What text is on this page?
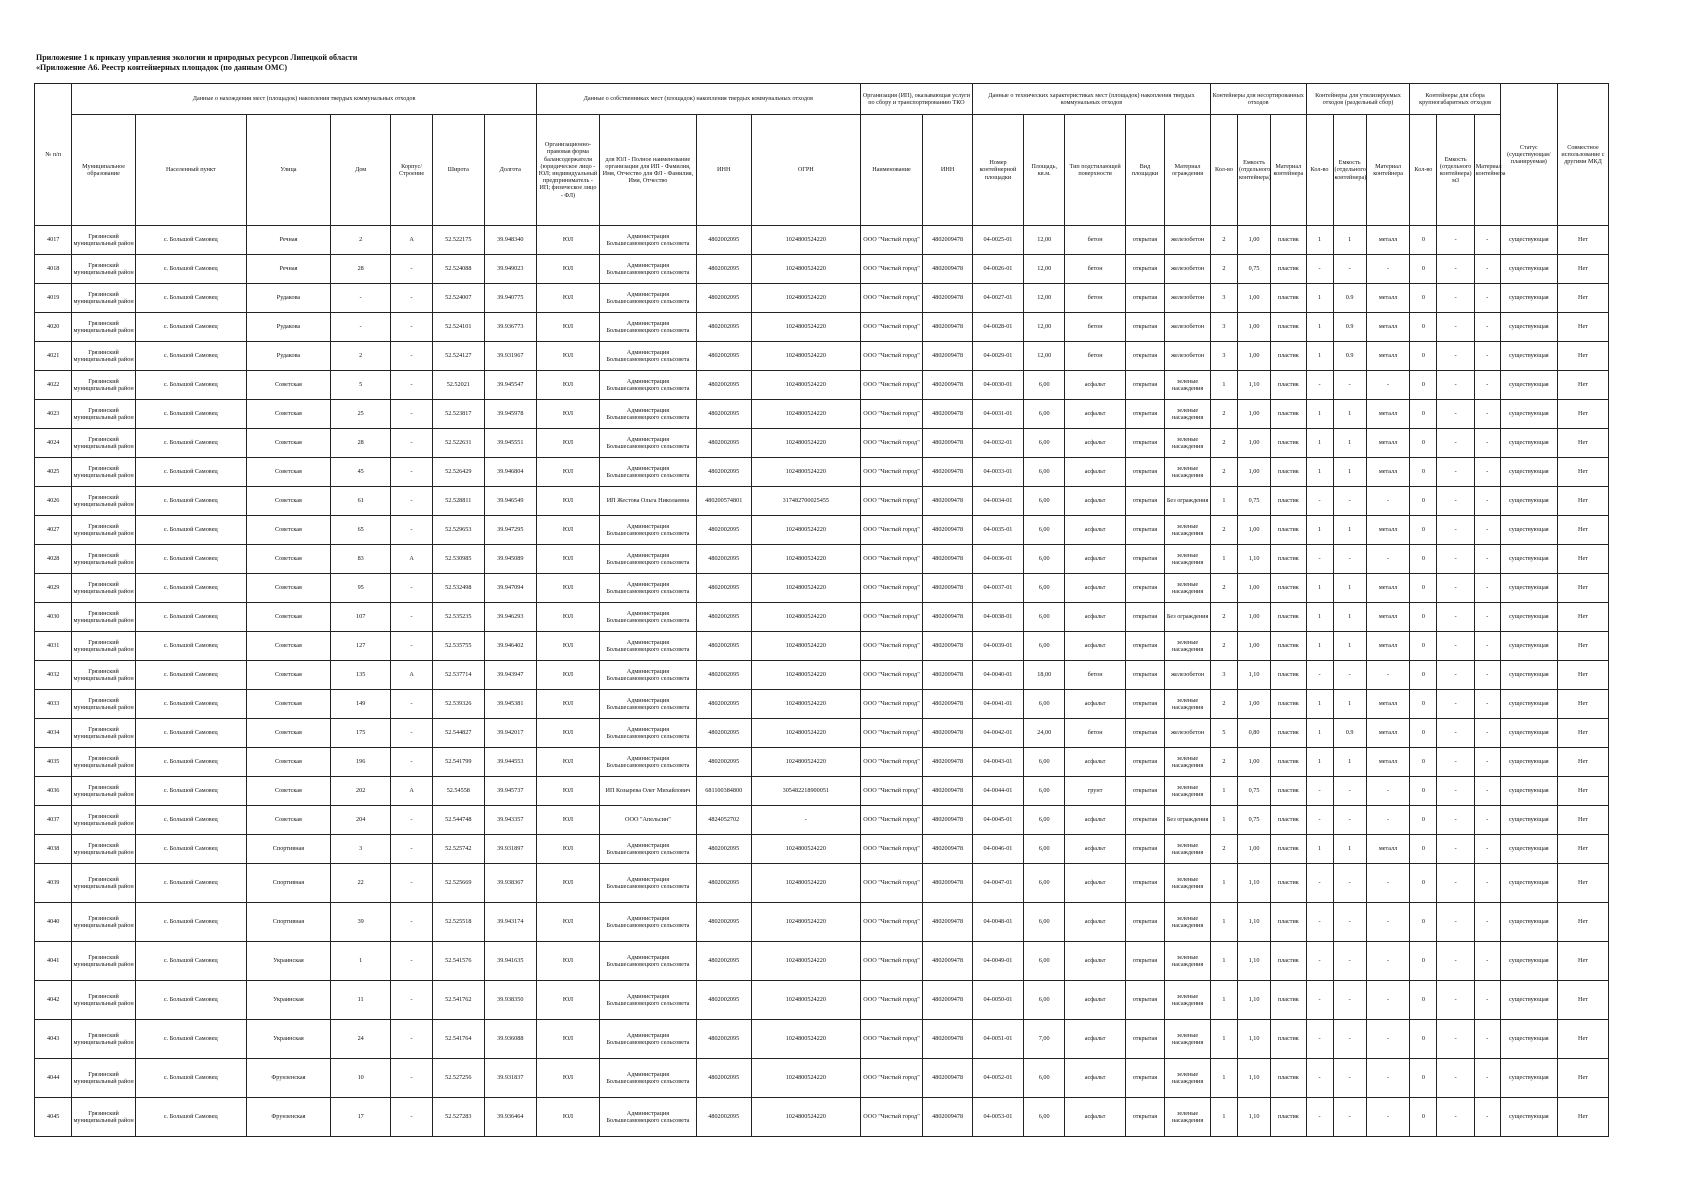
Приложение 1 к приказу управления экологии и природных ресурсов Липецкой области
«Приложение А6. Реестр контейнерных площадок (по данным ОМС)
№ п/п	Данные о нахождении мест (площадок) накопления твердых коммунальных отходов							Данные о собственниках мест (площадок) накопления твердых коммунальных отходов				Организация (ИП), оказывающая услуги по сбору и транспортированию ТКО		Данные о технических характеристиках мест (площадок) накопления твердых коммунальных отходов					Контейнеры для несортированных отходов			Контейнеры для утилизируемых отходов (раздельный сбор)			Контейнеры для сбора крупногабаритных отходов			Статус (существующая/планируемая)	Совместное использование с другими МКД
	Муниципальное образование	Населенный пункт	Улица	Дом	Корпус/Строение	Широта	Долгота	Организационно-правовая форма балансодержателя (юридическое лицо - ЮЛ; индивидуальный предприниматель - ИП; физическое лицо - ФЛ)	для ЮЛ - Полное наименование организации для ИП - Фамилия, Имя, Отчество для ФЛ - Фамилия, Имя, Отчество	ИНН	ОГРН	Наименование	ИНН	Номер контейнерной площадки	Площадь, кв.м.	Тип подстилающей поверхности	Вид площадки	Материал ограждения	Кол-во	Емкость (отдельного контейнера)	Материал контейнера	Кол-во	Емкость (отдельного контейнера)	Материал контейнера	Кол-во	Емкость (отдельного контейнера) м3	Материал контейнера		
4017	Грязинский муниципальный район	с. Большой Самовец	Речная	2	А	52.522175	39.948340	ЮЛ	Администрация Большесамовецкого сельсовета	4802002095	1024800524220	ООО "Чистый город"	4802009478	04-0025-01	12,00	бетон	открытая	железобетон	2	1,00	пластик	1	1	металл	0	-	-	существующая	Нет
4018	Грязинский муниципальный район	с. Большой Самовец	Речная	28	-	52.524088	39.949023	ЮЛ	Администрация Большесамовецкого сельсовета	4802002095	1024800524220	ООО "Чистый город"	4802009478	04-0026-01	12,00	бетон	открытая	железобетон	2	0,75	пластик	-	-	-	0	-	-	существующая	Нет
4019	Грязинский муниципальный район	с. Большой Самовец	Рудакова	-	-	52.524007	39.940775	ЮЛ	Администрация Большесамовецкого сельсовета	4802002095	1024800524220	ООО "Чистый город"	4802009478	04-0027-01	12,00	бетон	открытая	железобетон	3	1,00	пластик	1	0.9	металл	0	-	-	существующая	Нет
4020	Грязинский муниципальный район	с. Большой Самовец	Рудакова	-	-	52.524101	39.936773	ЮЛ	Администрация Большесамовецкого сельсовета	4802002095	1024800524220	ООО "Чистый город"	4802009478	04-0028-01	12,00	бетон	открытая	железобетон	3	1,00	пластик	1	0.9	металл	0	-	-	существующая	Нет
4021	Грязинский муниципальный район	с. Большой Самовец	Рудакова	2	-	52.524127	39.931967	ЮЛ	Администрация Большесамовецкого сельсовета	4802002095	1024800524220	ООО "Чистый город"	4802009478	04-0029-01	12,00	бетон	открытая	железобетон	3	1,00	пластик	1	0.9	металл	0	-	-	существующая	Нет
4022	Грязинский муниципальный район	с. Большой Самовец	Советская	5	-	52.52021	39.945547	ЮЛ	Администрация Большесамовецкого сельсовета	4802002095	1024800524220	ООО "Чистый город"	4802009478	04-0030-01	6,00	асфальт	открытая	зеленые насаждения	1	1,10	пластик	-	-	-	0	-	-	существующая	Нет
4023	Грязинский муниципальный район	с. Большой Самовец	Советская	25	-	52.523817	39.945978	ЮЛ	Администрация Большесамовецкого сельсовета	4802002095	1024800524220	ООО "Чистый город"	4802009478	04-0031-01	6,00	асфальт	открытая	зеленые насаждения	2	1,00	пластик	1	1	металл	0	-	-	существующая	Нет
4024	Грязинский муниципальный район	с. Большой Самовец	Советская	28	-	52.522631	39.945551	ЮЛ	Администрация Большесамовецкого сельсовета	4802002095	1024800524220	ООО "Чистый город"	4802009478	04-0032-01	6,00	асфальт	открытая	зеленые насаждения	2	1,00	пластик	1	1	металл	0	-	-	существующая	Нет
4025	Грязинский муниципальный район	с. Большой Самовец	Советская	45	-	52.526429	39.946804	ЮЛ	Администрация Большесамовецкого сельсовета	4802002095	1024800524220	ООО "Чистый город"	4802009478	04-0033-01	6,00	асфальт	открытая	зеленые насаждения	2	1,00	пластик	1	1	металл	0	-	-	существующая	Нет
4026	Грязинский муниципальный район	с. Большой Самовец	Советская	61	-	52.528811	39.946549	ЮЛ	ИП Жестова Ольга Николаевна	480200574801	317482700025455	ООО "Чистый город"	4802009478	04-0034-01	6,00	асфальт	открытая	Без ограждения	1	0,75	пластик	-	-	-	0	-	-	существующая	Нет
4027	Грязинский муниципальный район	с. Большой Самовец	Советская	65	-	52.529653	39.947295	ЮЛ	Администрация Большесамовецкого сельсовета	4802002095	1024800524220	ООО "Чистый город"	4802009478	04-0035-01	6,00	асфальт	открытая	зеленые насаждения	2	1,00	пластик	1	1	металл	0	-	-	существующая	Нет
4028	Грязинский муниципальный район	с. Большой Самовец	Советская	83	А	52.530985	39.945089	ЮЛ	Администрация Большесамовецкого сельсовета	4802002095	1024800524220	ООО "Чистый город"	4802009478	04-0036-01	6,00	асфальт	открытая	зеленые насаждения	1	1,10	пластик	-	-	-	0	-	-	существующая	Нет
4029	Грязинский муниципальный район	с. Большой Самовец	Советская	95	-	52.532498	39.947094	ЮЛ	Администрация Большесамовецкого сельсовета	4802002095	1024800524220	ООО "Чистый город"	4802009478	04-0037-01	6,00	асфальт	открытая	зеленые насаждения	2	1,00	пластик	1	1	металл	0	-	-	существующая	Нет
4030	Грязинский муниципальный район	с. Большой Самовец	Советская	107	-	52.535235	39.946293	ЮЛ	Администрация Большесамовецкого сельсовета	4802002095	1024800524220	ООО "Чистый город"	4802009478	04-0038-01	6,00	асфальт	открытая	Без ограждения	2	1,00	пластик	1	1	металл	0	-	-	существующая	Нет
4031	Грязинский муниципальный район	с. Большой Самовец	Советская	127	-	52.535755	39.946402	ЮЛ	Администрация Большесамовецкого сельсовета	4802002095	1024800524220	ООО "Чистый город"	4802009478	04-0039-01	6,00	асфальт	открытая	зеленые насаждения	2	1,00	пластик	1	1	металл	0	-	-	существующая	Нет
4032	Грязинский муниципальный район	с. Большой Самовец	Советская	135	А	52.537714	39.943947	ЮЛ	Администрация Большесамовецкого сельсовета	4802002095	1024800524220	ООО "Чистый город"	4802009478	04-0040-01	18,00	бетон	открытая	железобетон	3	1,10	пластик	-	-	-	0	-	-	существующая	Нет
4033	Грязинский муниципальный район	с. Большой Самовец	Советская	149	-	52.539326	39.945381	ЮЛ	Администрация Большесамовецкого сельсовета	4802002095	1024800524220	ООО "Чистый город"	4802009478	04-0041-01	6,00	асфальт	открытая	зеленые насаждения	2	1,00	пластик	1	1	металл	0	-	-	существующая	Нет
4034	Грязинский муниципальный район	с. Большой Самовец	Советская	175	-	52.544827	39.942017	ЮЛ	Администрация Большесамовецкого сельсовета	4802002095	1024800524220	ООО "Чистый город"	4802009478	04-0042-01	24,00	бетон	открытая	железобетон	5	0,80	пластик	1	0.9	металл	0	-	-	существующая	Нет
4035	Грязинский муниципальный район	с. Большой Самовец	Советская	196	-	52.541799	39.944553	ЮЛ	Администрация Большесамовецкого сельсовета	4802002095	1024800524220	ООО "Чистый город"	4802009478	04-0043-01	6,00	асфальт	открытая	зеленые насаждения	2	1,00	пластик	1	1	металл	0	-	-	существующая	Нет
4036	Грязинский муниципальный район	с. Большой Самовец	Советская	202	А	52.54558	39.945737	ЮЛ	ИП Козырева Олег Михайлович	681100384800	305482218900051	ООО "Чистый город"	4802009478	04-0044-01	6,00	грунт	открытая	зеленые насаждения	1	0,75	пластик	-	-	-	0	-	-	существующая	Нет
4037	Грязинский муниципальный район	с. Большой Самовец	Советская	204	-	52.544748	39.943357	ЮЛ	ООО "Апельсин"	4824052702	-	ООО "Чистый город"	4802009478	04-0045-01	6,00	асфальт	открытая	Без ограждения	1	0,75	пластик	-	-	-	0	-	-	существующая	Нет
4038	Грязинский муниципальный район	с. Большой Самовец	Спортивная	3	-	52.525742	39.931897	ЮЛ	Администрация Большесамовецкого сельсовета	4802002095	1024800524220	ООО "Чистый город"	4802009478	04-0046-01	6,00	асфальт	открытая	зеленые насаждения	2	1,00	пластик	1	1	металл	0	-	-	существующая	Нет
4039	Грязинский муниципальный район	с. Большой Самовец	Спортивная	22	-	52.525669	39.938367	ЮЛ	Администрация Большесамовецкого сельсовета	4802002095	1024800524220	ООО "Чистый город"	4802009478	04-0047-01	6,00	асфальт	открытая	зеленые насаждения	1	1,10	пластик	-	-	-	0	-	-	существующая	Нет
4040	Грязинский муниципальный район	с. Большой Самовец	Спортивная	39	-	52.525518	39.943174	ЮЛ	Администрация Большесамовецкого сельсовета	4802002095	1024800524220	ООО "Чистый город"	4802009478	04-0048-01	6,00	асфальт	открытая	зеленые насаждения	1	1,10	пластик	-	-	-	0	-	-	существующая	Нет
4041	Грязинский муниципальный район	с. Большой Самовец	Украинская	1	-	52.541576	39.941635	ЮЛ	Администрация Большесамовецкого сельсовета	4802002095	1024800524220	ООО "Чистый город"	4802009478	04-0049-01	6,00	асфальт	открытая	зеленые насаждения	1	1,10	пластик	-	-	-	0	-	-	существующая	Нет
4042	Грязинский муниципальный район	с. Большой Самовец	Украинская	11	-	52.541762	39.938350	ЮЛ	Администрация Большесамовецкого сельсовета	4802002095	1024800524220	ООО "Чистый город"	4802009478	04-0050-01	6,00	асфальт	открытая	зеленые насаждения	1	1,10	пластик	-	-	-	0	-	-	существующая	Нет
4043	Грязинский муниципальный район	с. Большой Самовец	Украинская	24	-	52.541764	39.936088	ЮЛ	Администрация Большесамовецкого сельсовета	4802002095	1024800524220	ООО "Чистый город"	4802009478	04-0051-01	7,00	асфальт	открытая	зеленые насаждения	1	1,10	пластик	-	-	-	0	-	-	существующая	Нет
4044	Грязинский муниципальный район	с. Большой Самовец	Фрунзенская	10	-	52.527256	39.931837	ЮЛ	Администрация Большесамовецкого сельсовета	4802002095	1024800524220	ООО "Чистый город"	4802009478	04-0052-01	6,00	асфальт	открытая	зеленые насаждения	1	1,10	пластик	-	-	-	0	-	-	существующая	Нет
4045	Грязинский муниципальный район	с. Большой Самовец	Фрунзенская	17	-	52.527283	39.936464	ЮЛ	Администрация Большесамовецкого сельсовета	4802002095	1024800524220	ООО "Чистый город"	4802009478	04-0053-01	6,00	асфальт	открытая	зеленые насаждения	1	1,10	пластик	-	-	-	0	-	-	существующая	Нет
